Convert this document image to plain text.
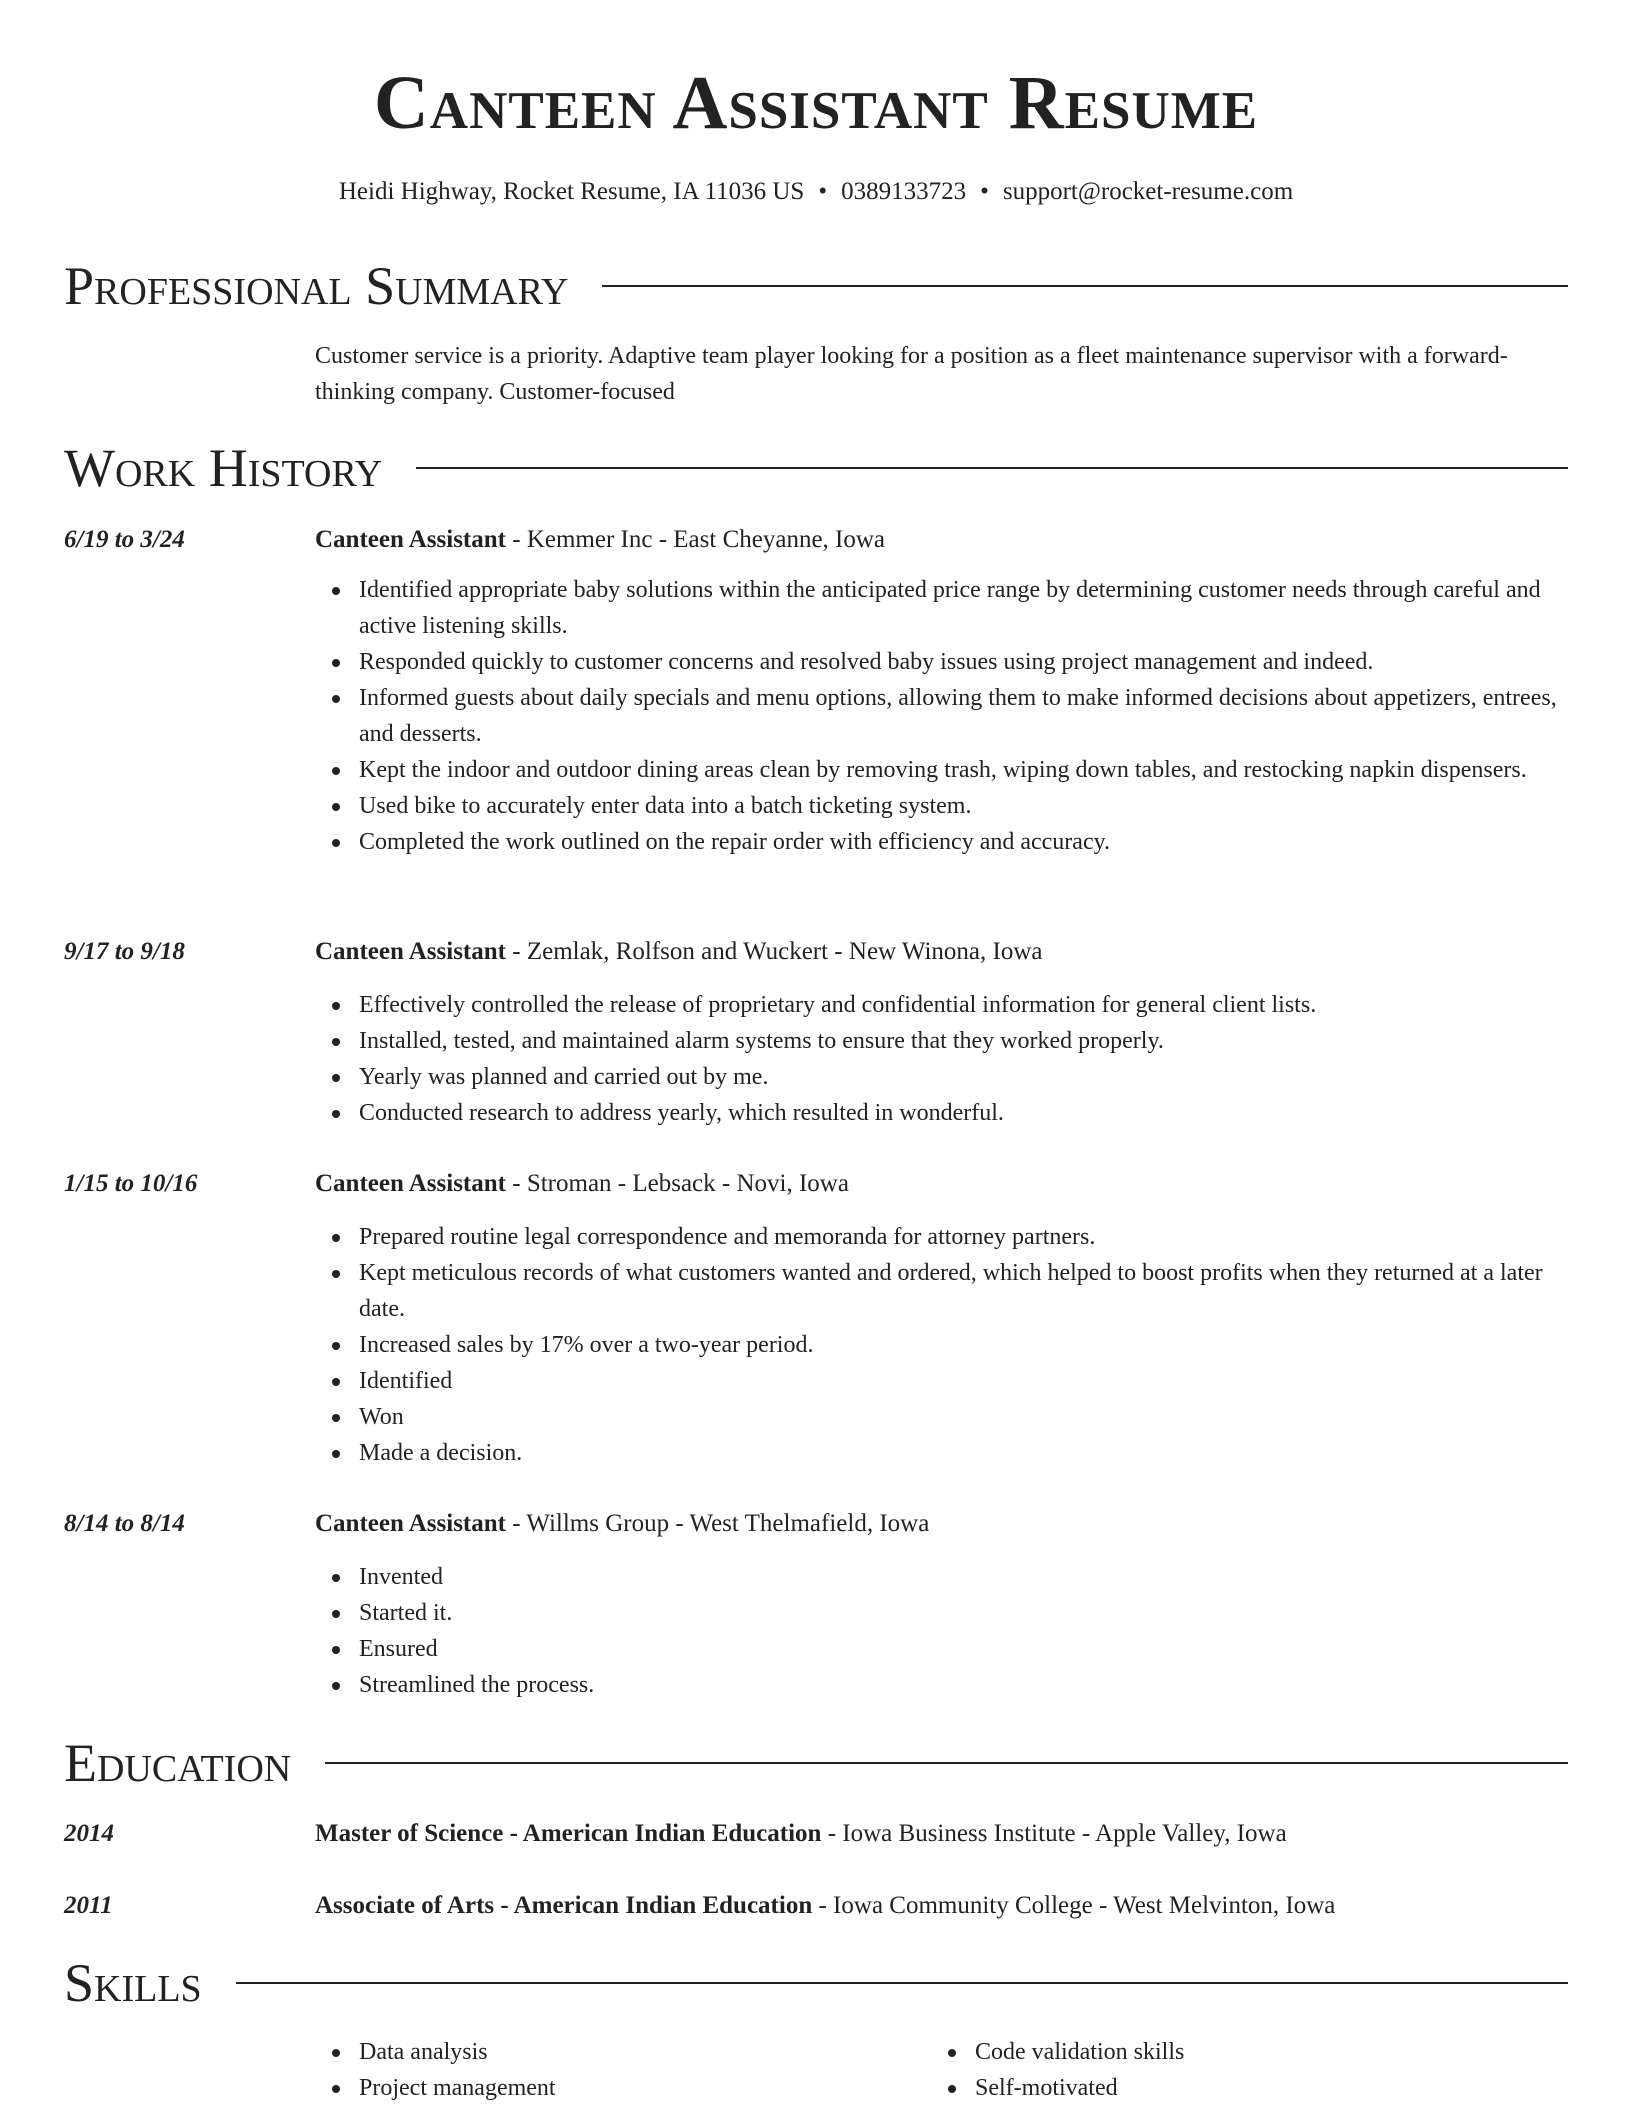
Canteen Assistant Resume
Heidi Highway, Rocket Resume, IA 11036 US • 0389133723 • support@rocket-resume.com
Professional Summary

Customer service is a priority. Adaptive team player looking for a position as a fleet maintenance supervisor with a forward-thinking company. Customer-focused

Work History
6/19 to 3/24	Canteen Assistant - Kemmer Inc - East Cheyanne, Iowa
Identified appropriate baby solutions within the anticipated price range by determining customer needs through careful and active listening skills.
Responded quickly to customer concerns and resolved baby issues using project management and indeed.
Informed guests about daily specials and menu options, allowing them to make informed decisions about appetizers, entrees, and desserts.
Kept the indoor and outdoor dining areas clean by removing trash, wiping down tables, and restocking napkin dispensers.
Used bike to accurately enter data into a batch ticketing system.
Completed the work outlined on the repair order with efficiency and accuracy.
9/17 to 9/18	Canteen Assistant - Zemlak, Rolfson and Wuckert - New Winona, Iowa
Effectively controlled the release of proprietary and confidential information for general client lists.
Installed, tested, and maintained alarm systems to ensure that they worked properly.
Yearly was planned and carried out by me.
Conducted research to address yearly, which resulted in wonderful.
1/15 to 10/16	Canteen Assistant - Stroman - Lebsack - Novi, Iowa
Prepared routine legal correspondence and memoranda for attorney partners.
Kept meticulous records of what customers wanted and ordered, which helped to boost profits when they returned at a later date.
Increased sales by 17% over a two-year period.
Identified
Won
Made a decision.
8/14 to 8/14	Canteen Assistant - Willms Group - West Thelmafield, Iowa
Invented
Started it.
Ensured
Streamlined the process.
Education
2014	Master of Science - American Indian Education - Iowa Business Institute - Apple Valley, Iowa
2011	Associate of Arts - American Indian Education - Iowa Community College - West Melvinton, Iowa
Skills
Data analysis
Project management
Code validation skills
Self-motivated
